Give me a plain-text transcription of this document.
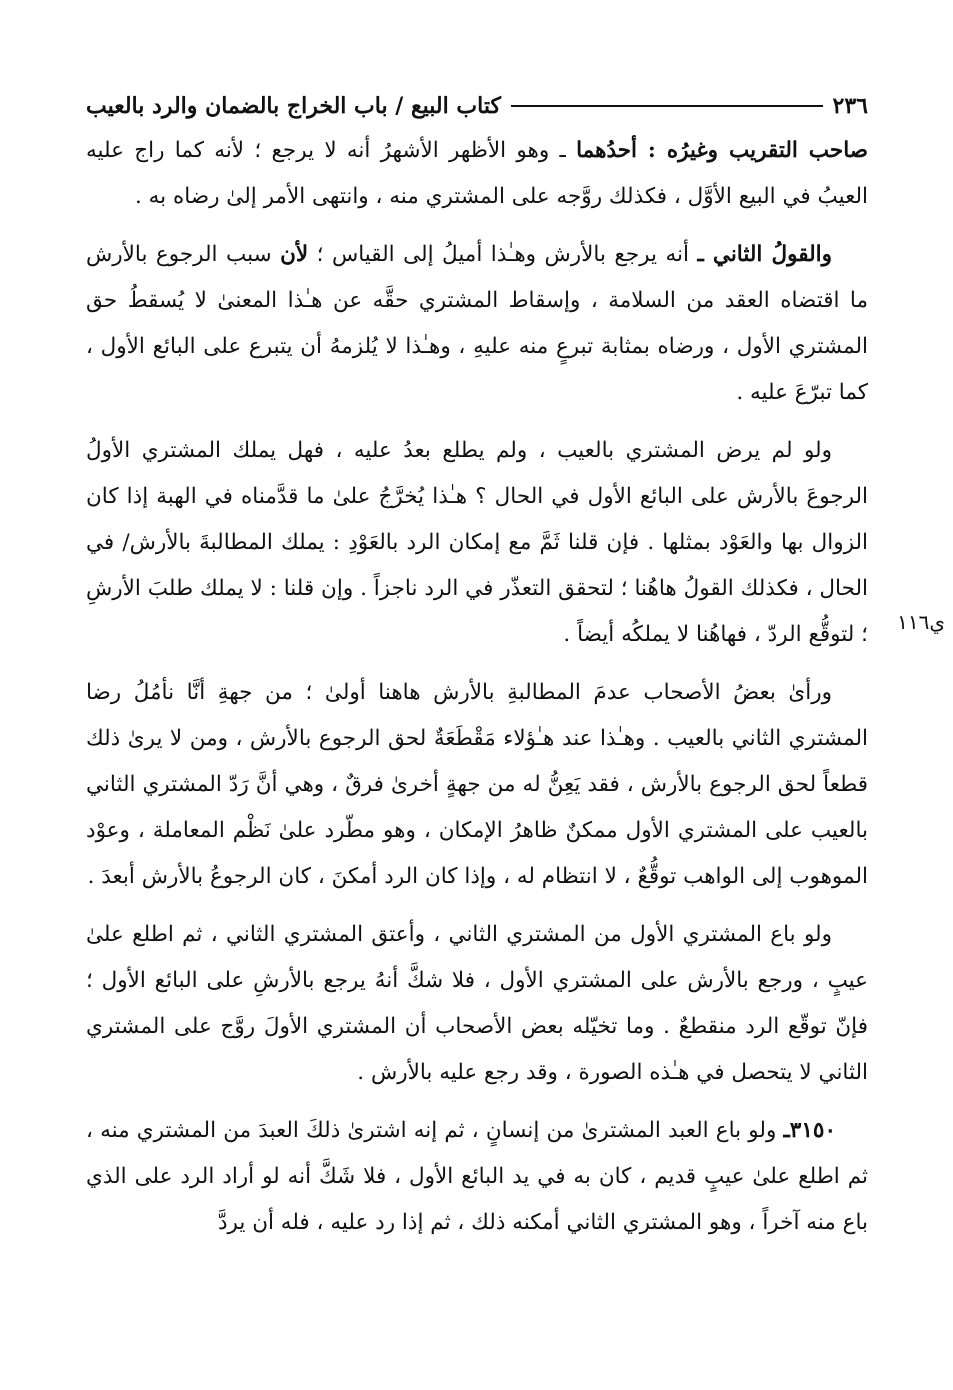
٢٣٦
كتاب البيع / باب الخراج بالضمان والرد بالعيب
ي١١٦

صاحب التقريب وغيرُه : أحدُهما ـ وهو الأظهر الأشهرُ أنه لا يرجع ؛ لأنه كما راج عليه العيبُ في البيع الأوَّل ، فكذلك روَّجه على المشتري منه ، وانتهى الأمر إلىٰ رضاه به .

والقولُ الثاني ـ أنه يرجع بالأرش وهـٰذا أميلُ إلى القياس ؛ لأن سبب الرجوع بالأرش ما اقتضاه العقد من السلامة ، وإسقاط المشتري حقَّه عن هـٰذا المعنىٰ لا يُسقطُ حق المشتري الأول ، ورضاه بمثابة تبرعٍ منه عليهِ ، وهـٰذا لا يُلزمهُ أن يتبرع على البائع الأول ، كما تبرّعَ عليه .

ولو لم يرض المشتري بالعيب ، ولم يطلع بعدُ عليه ، فهل يملك المشتري الأولُ الرجوعَ بالأرش على البائع الأول في الحال ؟ هـٰذا يُخرَّجُ علىٰ ما قدَّمناه في الهبة إذا كان الزوال بها والعَوْد بمثلها . فإن قلنا ثَمَّ مع إمكان الرد بالعَوْدِ : يملك المطالبةَ بالأرش/ في الحال ، فكذلك القولُ هاهُنا ؛ لتحقق التعذّر في الرد ناجزاً . وإن قلنا : لا يملك طلبَ الأرشِ ؛ لتوقُّع الردّ ، فهاهُنا لا يملكُه أيضاً .

ورأىٰ بعضُ الأصحاب عدمَ المطالبةِ بالأرش هاهنا أولىٰ ؛ من جهةِ أنَّا نأمُلُ رضا المشتري الثاني بالعيب . وهـٰذا عند هـٰؤلاء مَقْطَعَةٌ لحق الرجوع بالأرش ، ومن لا يرىٰ ذلك قطعاً لحق الرجوع بالأرش ، فقد يَعِنُّ له من جهةٍ أخرىٰ فرقٌ ، وهي أنَّ رَدّ المشتري الثاني بالعيب على المشتري الأول ممكنٌ ظاهرُ الإمكان ، وهو مطّرد علىٰ نَظْم المعاملة ، وعوْد الموهوب إلى الواهب توقُّعٌ ، لا انتظام له ، وإذا كان الرد أمكنَ ، كان الرجوعُ بالأرش أبعدَ .

ولو باع المشتري الأول من المشتري الثاني ، وأعتق المشتري الثاني ، ثم اطلع علىٰ عيبٍ ، ورجع بالأرش على المشتري الأول ، فلا شكَّ أنهُ يرجع بالأرشِ على البائع الأول ؛ فإنّ توقّع الرد منقطعٌ . وما تخيّله بعض الأصحاب أن المشتري الأولَ روَّج على المشتري الثاني لا يتحصل في هـٰذه الصورة ، وقد رجع عليه بالأرش .

٣١٥٠ـ ولو باع العبد المشترىٰ من إنسانٍ ، ثم إنه اشترىٰ ذلكَ العبدَ من المشتري منه ، ثم اطلع علىٰ عيبٍ قديم ، كان به في يد البائع الأول ، فلا شَكَّ أنه لو أراد الرد على الذي باع منه آخراً ، وهو المشتري الثاني أمكنه ذلك ، ثم إذا رد عليه ، فله أن يردَّ
